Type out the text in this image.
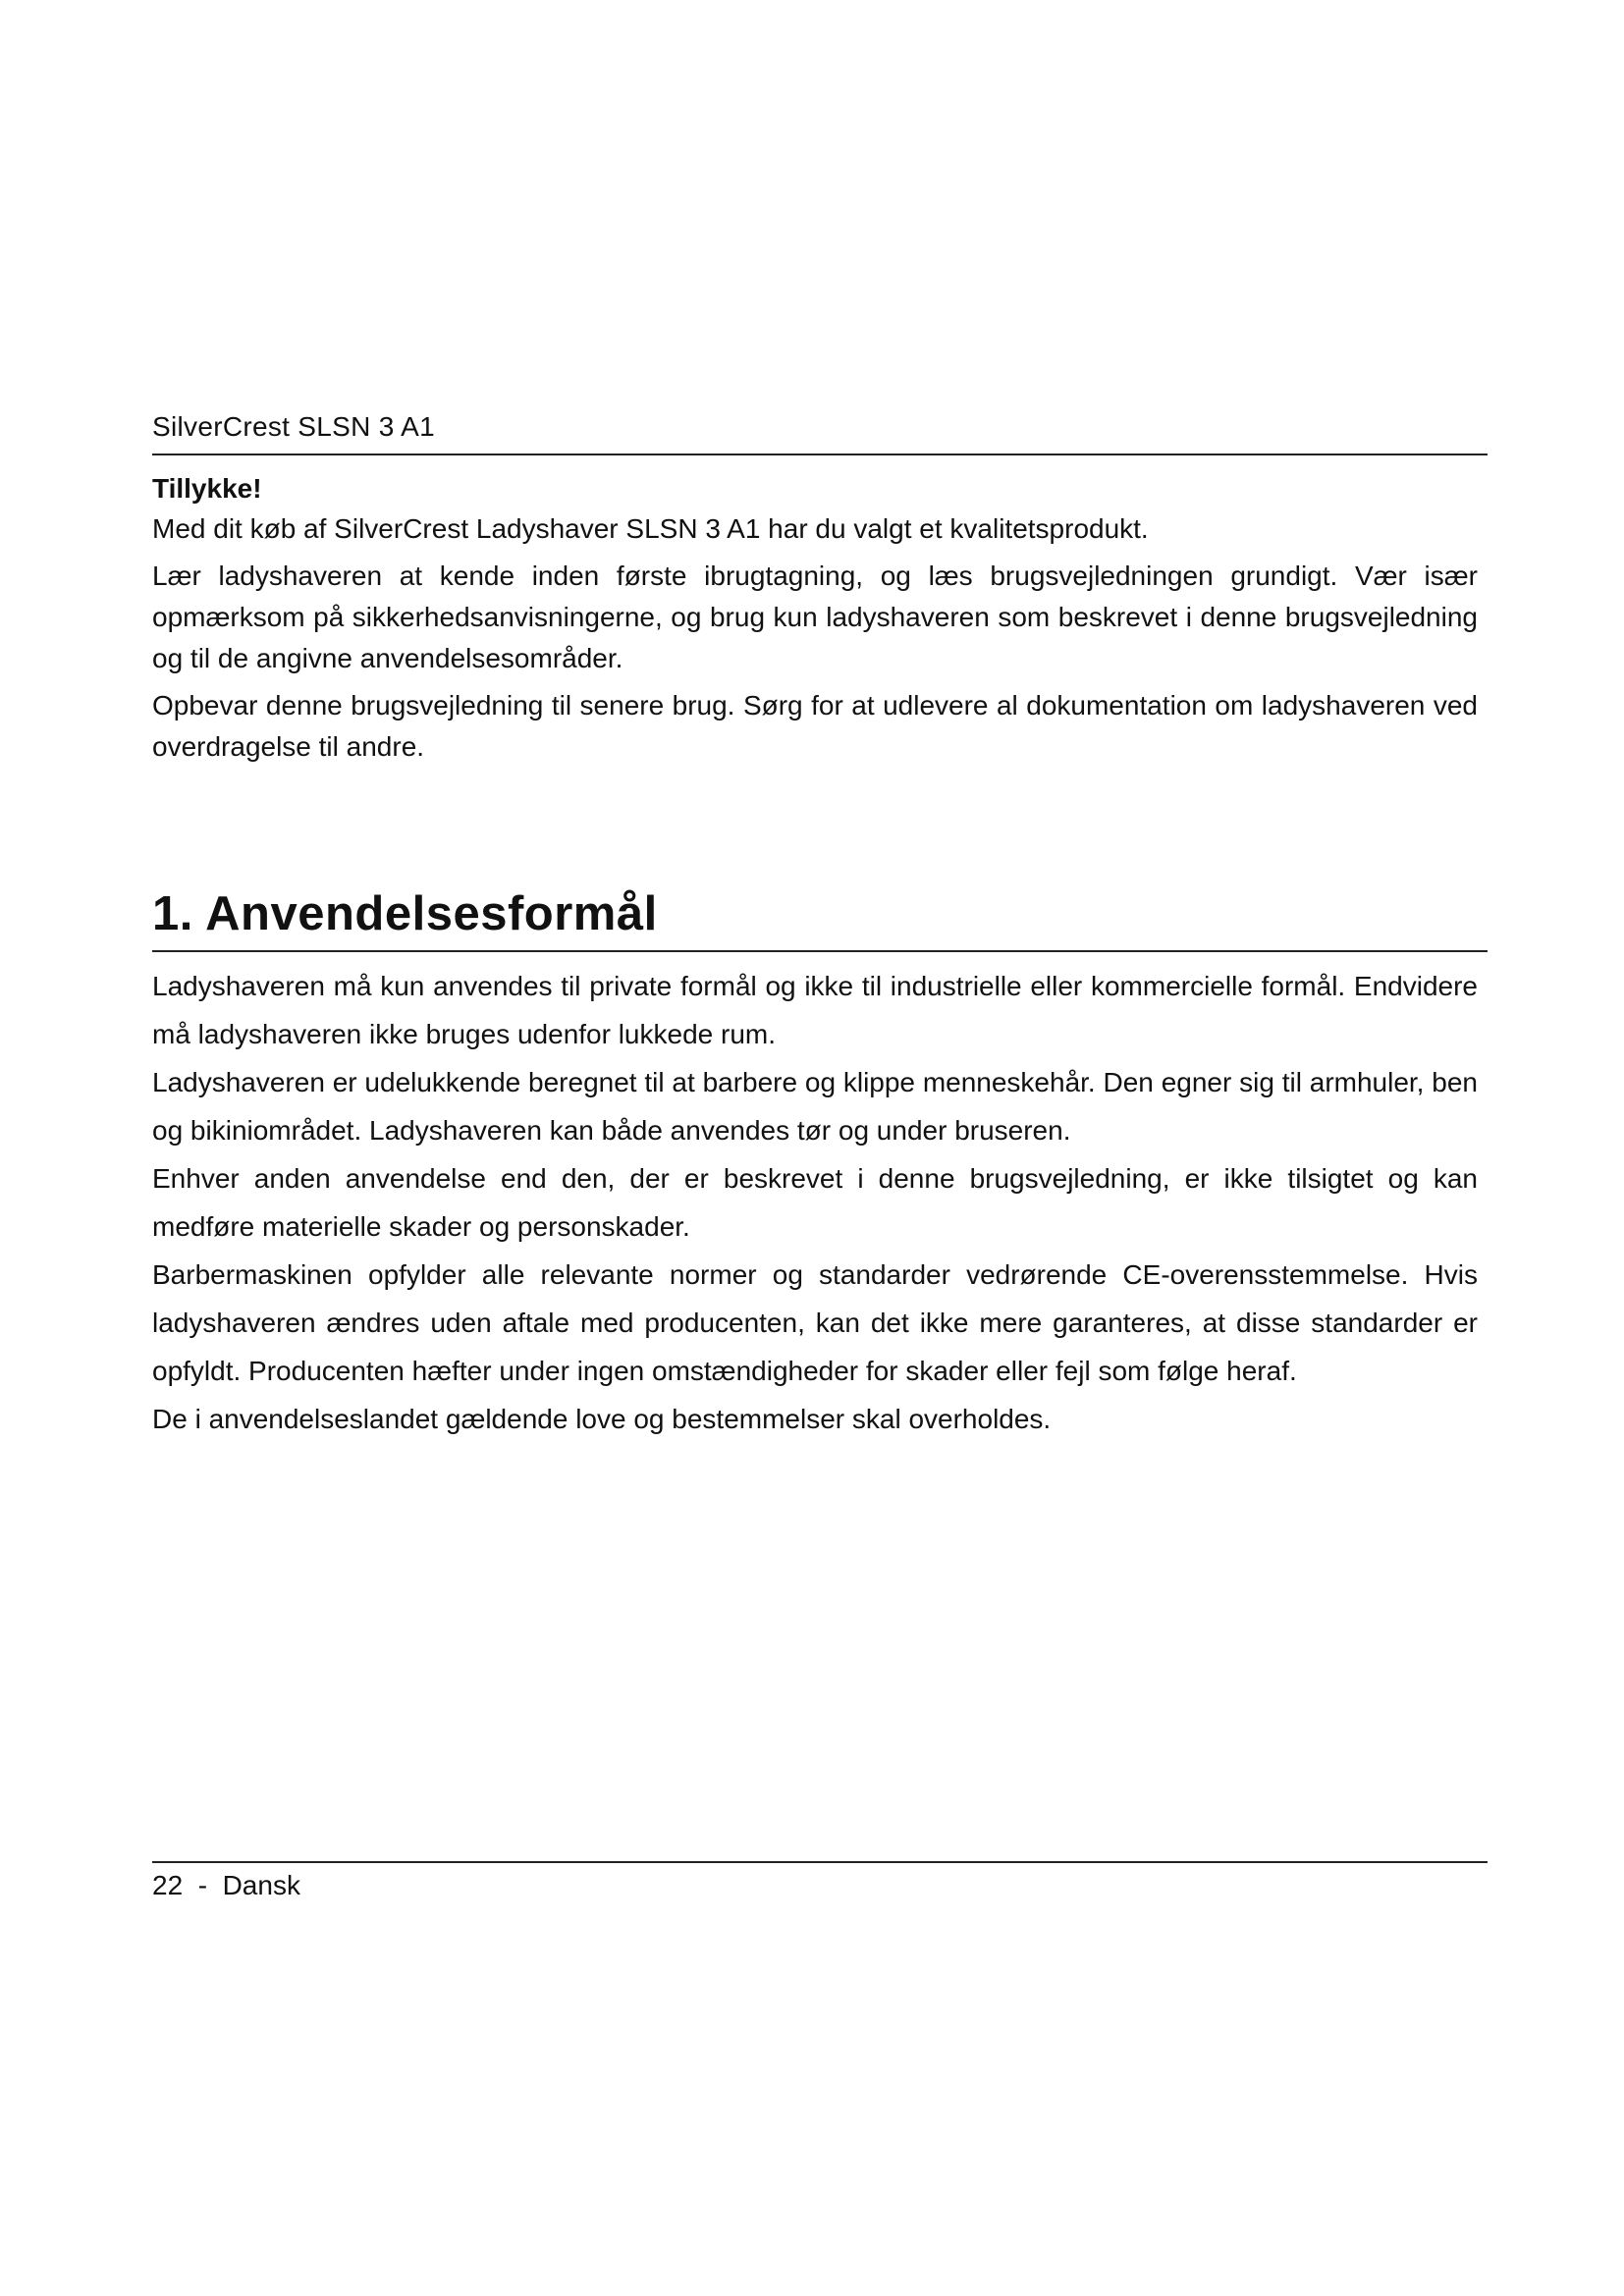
SilverCrest SLSN 3 A1
Tillykke!

Med dit køb af SilverCrest Ladyshaver SLSN 3 A1 har du valgt et kvalitetsprodukt.

Lær ladyshaveren at kende inden første ibrugtagning, og læs brugsvejledningen grundigt. Vær især opmærksom på sikkerhedsanvisningerne, og brug kun ladyshaveren som beskrevet i denne brugsvejledning og til de angivne anvendelsesområder.

Opbevar denne brugsvejledning til senere brug. Sørg for at udlevere al dokumentation om ladyshaveren ved overdragelse til andre.

1. Anvendelsesformål

Ladyshaveren må kun anvendes til private formål og ikke til industrielle eller kommercielle formål. Endvidere må ladyshaveren ikke bruges udenfor lukkede rum.

Ladyshaveren er udelukkende beregnet til at barbere og klippe menneskehår. Den egner sig til armhuler, ben og bikiniområdet. Ladyshaveren kan både anvendes tør og under bruseren.

Enhver anden anvendelse end den, der er beskrevet i denne brugsvejledning, er ikke tilsigtet og kan medføre materielle skader og personskader.

Barbermaskinen opfylder alle relevante normer og standarder vedrørende CE-overensstemmelse. Hvis ladyshaveren ændres uden aftale med producenten, kan det ikke mere garanteres, at disse standarder er opfyldt. Producenten hæfter under ingen omstændigheder for skader eller fejl som følge heraf.

De i anvendelseslandet gældende love og bestemmelser skal overholdes.

22  -  Dansk
